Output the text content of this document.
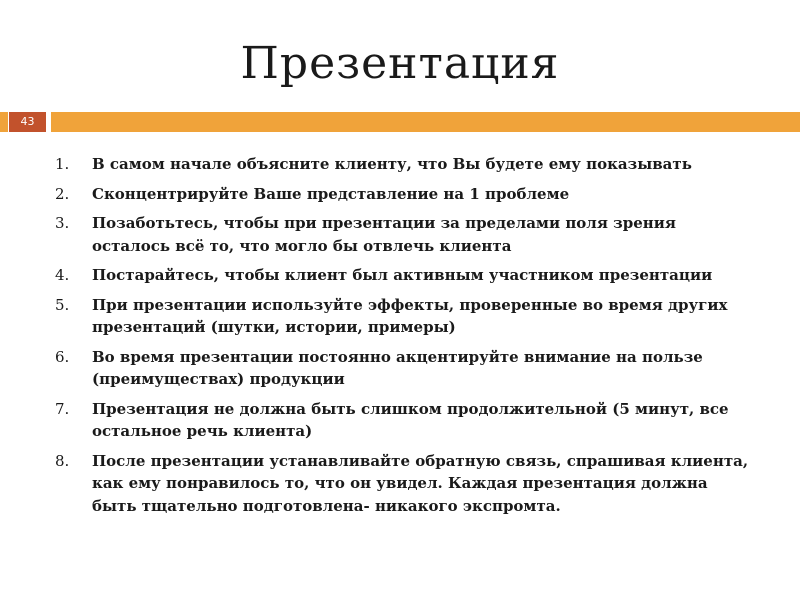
Презентация
43
1.	В самом начале объясните клиенту, что Вы будете ему показывать
2.	Сконцентрируйте Ваше представление на 1 проблеме
3.	Позаботьтесь, чтобы при презентации за пределами поля зрения осталось всё то, что могло бы отвлечь клиента
4.	Постарайтесь, чтобы клиент был активным участником презентации
5.	При презентации используйте эффекты, проверенные во время других презентаций (шутки, истории, примеры)
6.	Во время презентации постоянно акцентируйте внимание на пользе (преимуществах) продукции
7.	Презентация не должна быть слишком продолжительной (5 минут, все остальное речь клиента)
8.	После презентации устанавливайте обратную связь, спрашивая клиента, как ему понравилось то, что он увидел. Каждая презентация должна быть тщательно подготовлена- никакого экспромта.
